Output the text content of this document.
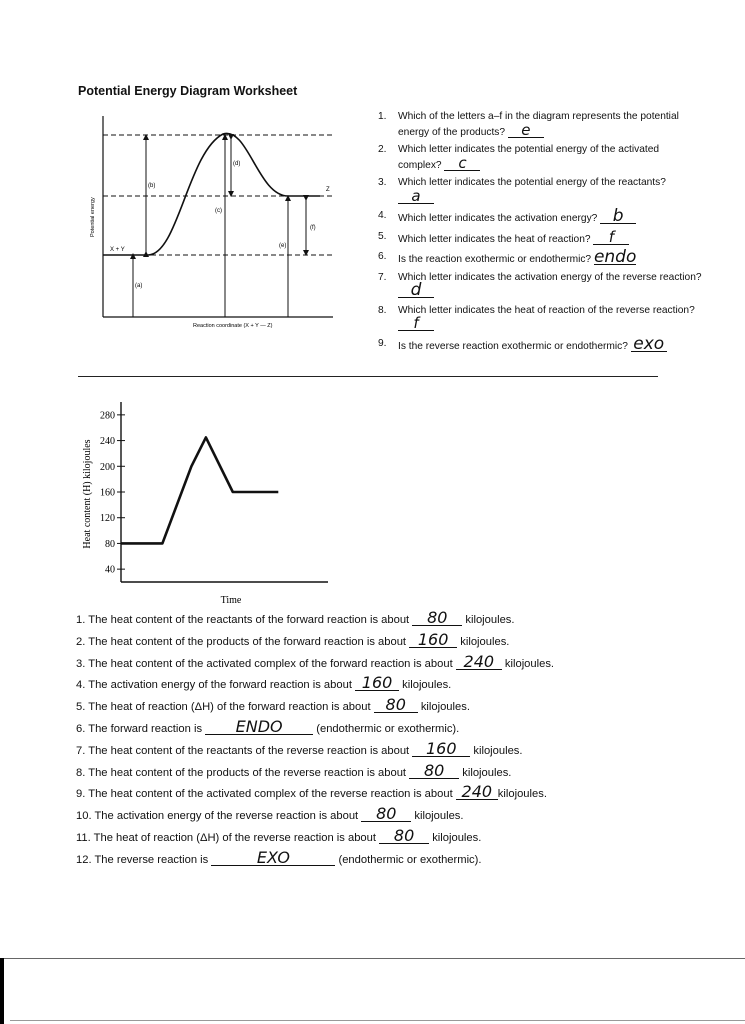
Potential Energy Diagram Worksheet
Potential energy
X + Y
Z
(a)
(b)
(c)
(d)
(e)
(f)
Reaction coordinate (X + Y — Z)
1. Which of the letters a–f in the diagram represents the potential energy of the products? e
2. Which letter indicates the potential energy of the activated complex? c
3. Which letter indicates the potential energy of the reactants? a
4. Which letter indicates the activation energy? b
5. Which letter indicates the heat of reaction? f
6. Is the reaction exothermic or endothermic? endo
7. Which letter indicates the activation energy of the reverse reaction? d
8. Which letter indicates the heat of reaction of the reverse reaction? f
9. Is the reverse reaction exothermic or endothermic? exo
40
80
120
160
200
240
280
Heat content (H) kilojoules
Time
1. The heat content of the reactants of the forward reaction is about 80 kilojoules.
2. The heat content of the products of the forward reaction is about 160 kilojoules.
3. The heat content of the activated complex of the forward reaction is about 240 kilojoules.
4. The activation energy of the forward reaction is about 160 kilojoules.
5. The heat of reaction (ΔH) of the forward reaction is about 80 kilojoules.
6. The forward reaction is ENDO	(endothermic or exothermic).
7. The heat content of the reactants of the reverse reaction is about 160 kilojoules.
8. The heat content of the products of the reverse reaction is about 80 kilojoules.
9. The heat content of the activated complex of the reverse reaction is about 240 kilojoules.
10. The activation energy of the reverse reaction is about 80 kilojoules.
11. The heat of reaction (ΔH) of the reverse reaction is about 80 kilojoules.
12. The reverse reaction is	EXO	(endothermic or exothermic).
